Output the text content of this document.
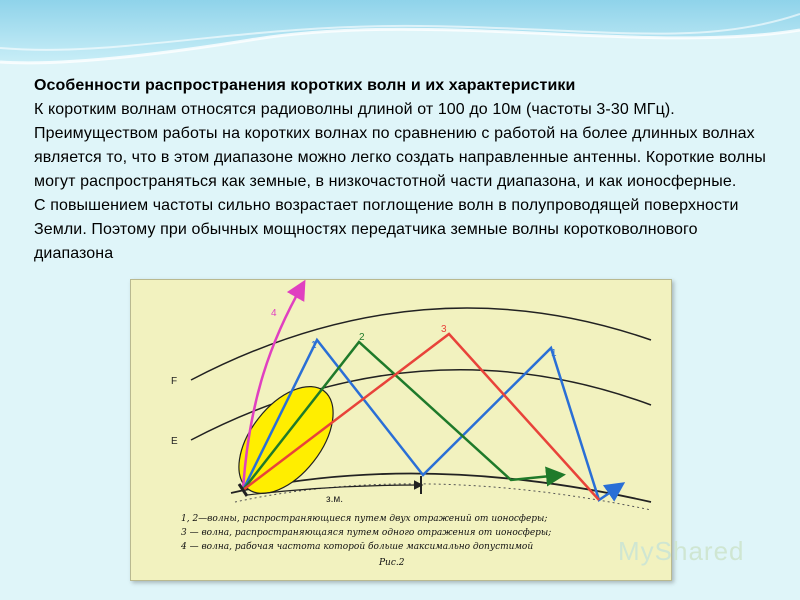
Особенности распространения коротких волн и их характеристики
К коротким волнам относятся радиоволны длиной от 100 до 10м (частоты 3-30 МГц). Преимуществом работы на коротких волнах по сравнению с работой на более длинных волнах является то, что в этом диапазоне можно легко создать направленные антенны. Короткие волны могут распространяться как земные, в низкочастотной части диапазона, и как ионосферные.
С повышением частоты сильно возрастает поглощение волн в полупроводящей поверхности Земли. Поэтому при обычных мощностях передатчика земные волны коротковолнового диапазона
F
E
4
1
2
3
1
з.м.
1, 2—волны, распространяющиеся путем двух отражений от ионосферы;
3 — волна, распространяющаяся путем одного отражения от ионосферы;
4 — волна, рабочая частота которой больше максимально допустимой
Рис.2	MyShared
